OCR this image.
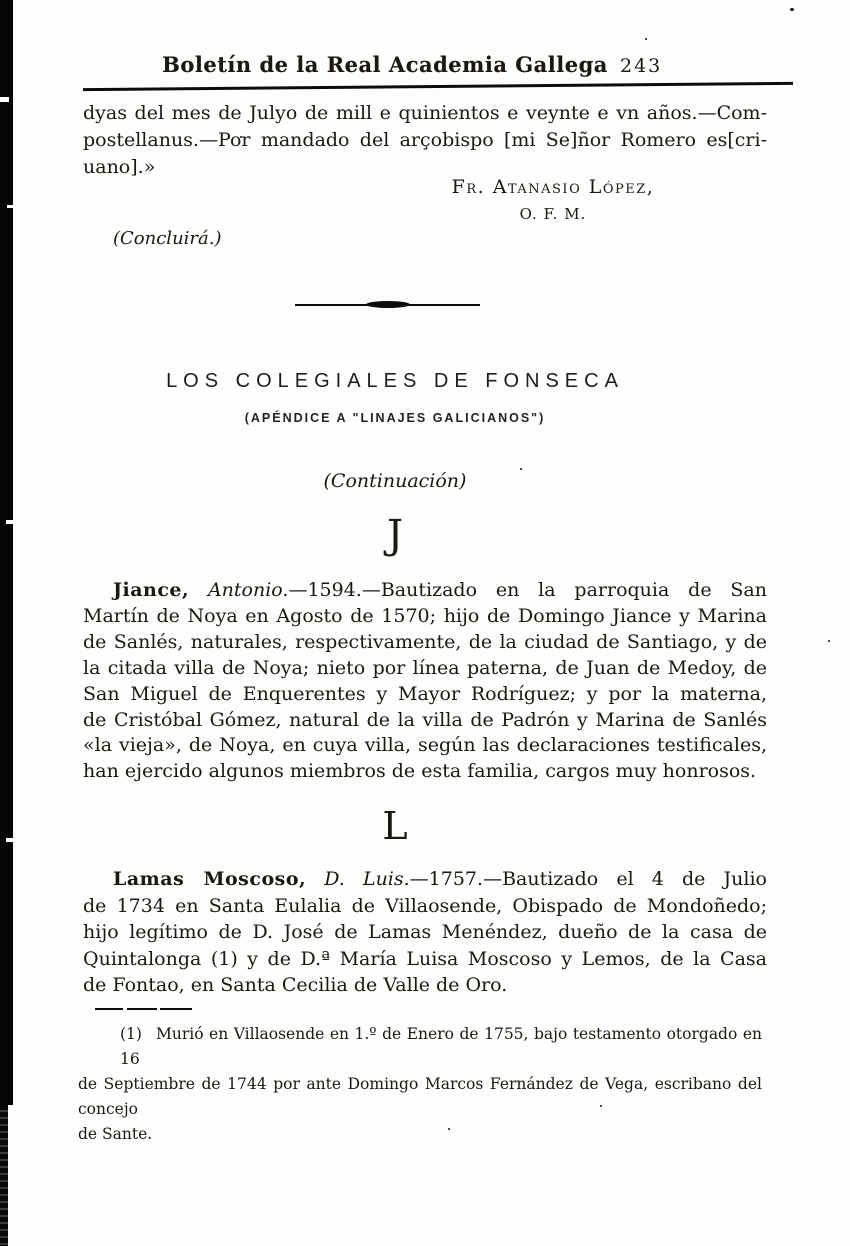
Boletín de la Real Academia Gallega 243

dyas del mes de Julyo de mill e quinientos e veynte e vn años.—Com-

postellanus.—Por mandado del arçobispo [mi Se]ñor Romero es[cri-

uano].»

Fr. Atanasio López,
O. F. M.
(Concluirá.)
LOS COLEGIALES DE FONSECA
(APÉNDICE A "LINAJES GALICIANOS")
(Continuación)
J

Jiance, Antonio.—1594.—Bautizado en la parroquia de San

Martín de Noya en Agosto de 1570; hijo de Domingo Jiance y Marina

de Sanlés, naturales, respectivamente, de la ciudad de Santiago, y de

la citada villa de Noya; nieto por línea paterna, de Juan de Medoy, de

San Miguel de Enquerentes y Mayor Rodríguez; y por la materna,

de Cristóbal Gómez, natural de la villa de Padrón y Marina de Sanlés

«la vieja», de Noya, en cuya villa, según las declaraciones testificales,

han ejercido algunos miembros de esta familia, cargos muy honrosos.

L

Lamas Moscoso, D. Luis.—1757.—Bautizado el 4 de Julio

de 1734 en Santa Eulalia de Villaosende, Obispado de Mondoñedo;

hijo legítimo de D. José de Lamas Menéndez, dueño de la casa de

Quintalonga (1) y de D.ª María Luisa Moscoso y Lemos, de la Casa

de Fontao, en Santa Cecilia de Valle de Oro.

(1) Murió en Villaosende en 1.º de Enero de 1755, bajo testamento otorgado en 16

de Septiembre de 1744 por ante Domingo Marcos Fernández de Vega, escribano del concejo

de Sante.
